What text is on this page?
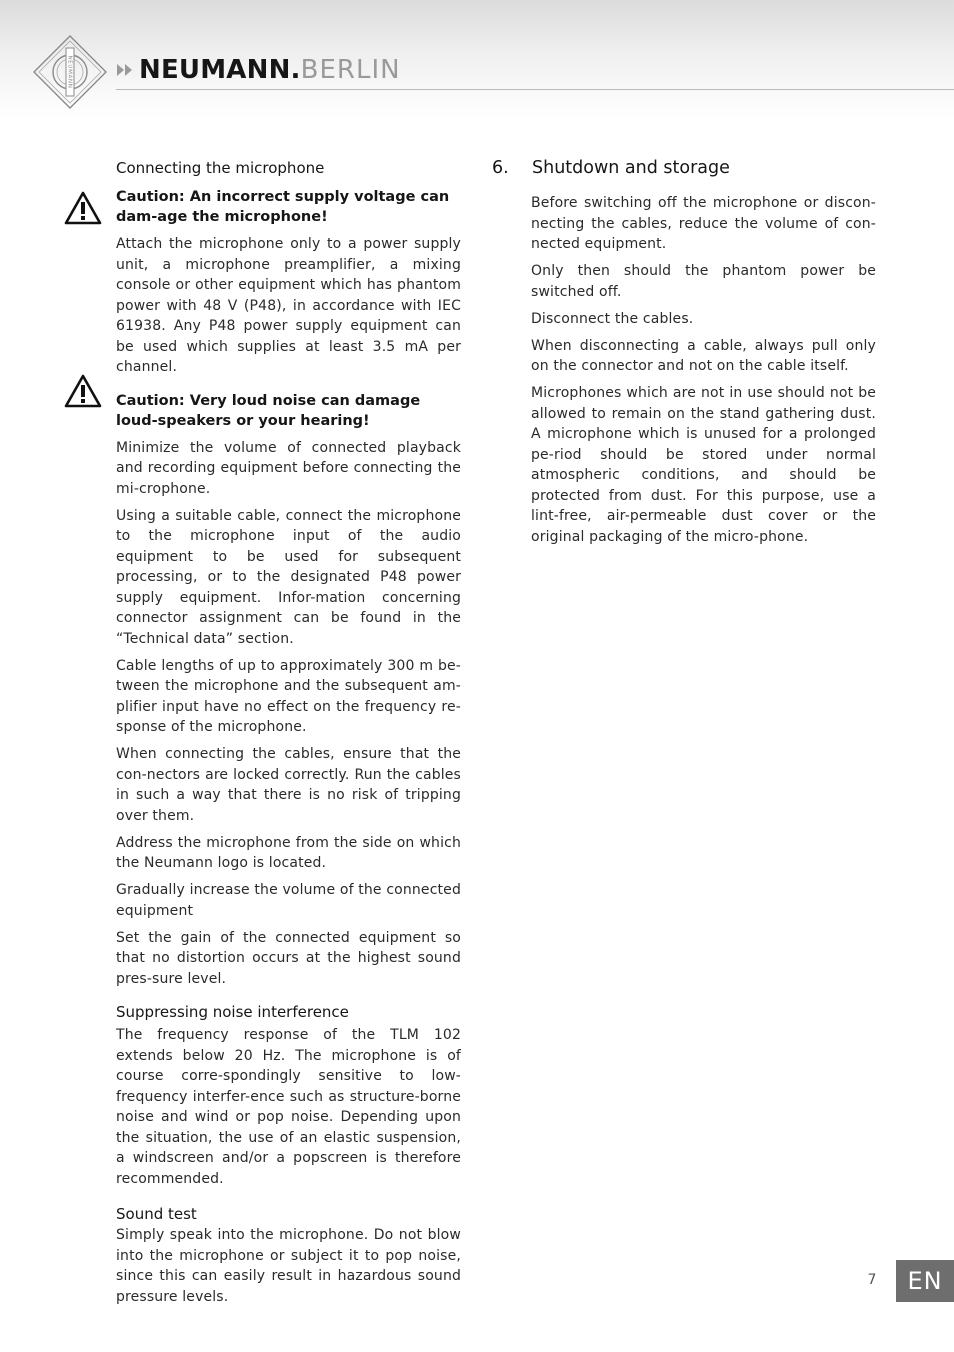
NEUMANN	NEUMANN. BERLIN
Connecting the microphone
Caution: An incorrect supply voltage can dam-age the microphone!

Attach the microphone only to a power supply unit, a microphone preamplifier, a mixing console or other equipment which has phantom power with 48 V (P48), in accordance with IEC 61938. Any P48 power supply equipment can be used which supplies at least 3.5 mA per channel.

Caution: Very loud noise can damage loud-speakers or your hearing!

Minimize the volume of connected playback and recording equipment before connecting the mi-crophone.

Using a suitable cable, connect the microphone to the microphone input of the audio equipment to be used for subsequent processing, or to the designated P48 power supply equipment. Infor-mation concerning connector assignment can be found in the “Technical data” section.

Cable lengths of up to approximately 300 m be-tween the microphone and the subsequent am-plifier input have no effect on the frequency re-sponse of the microphone.

When connecting the cables, ensure that the con-nectors are locked correctly. Run the cables in such a way that there is no risk of tripping over them.

Address the microphone from the side on which the Neumann logo is located.

Gradually increase the volume of the connected equipment

Set the gain of the connected equipment so that no distortion occurs at the highest sound pres-sure level.

Suppressing noise interference

The frequency response of the TLM 102 extends below 20 Hz. The microphone is of course corre-spondingly sensitive to low-frequency interfer-ence such as structure-borne noise and wind or pop noise. Depending upon the situation, the use of an elastic suspension, a windscreen and/or a popscreen is therefore recommended.

Sound test

Simply speak into the microphone. Do not blow into the microphone or subject it to pop noise, since this can easily result in hazardous sound pressure levels.

6.	Shutdown and storage

Before switching off the microphone or discon-necting the cables, reduce the volume of con-nected equipment.

Only then should the phantom power be switched off.

Disconnect the cables.

When disconnecting a cable, always pull only on the connector and not on the cable itself.

Microphones which are not in use should not be allowed to remain on the stand gathering dust. A microphone which is unused for a prolonged pe-riod should be stored under normal atmospheric conditions, and should be protected from dust. For this purpose, use a lint-free, air-permeable dust cover or the original packaging of the micro-phone.

7	EN
